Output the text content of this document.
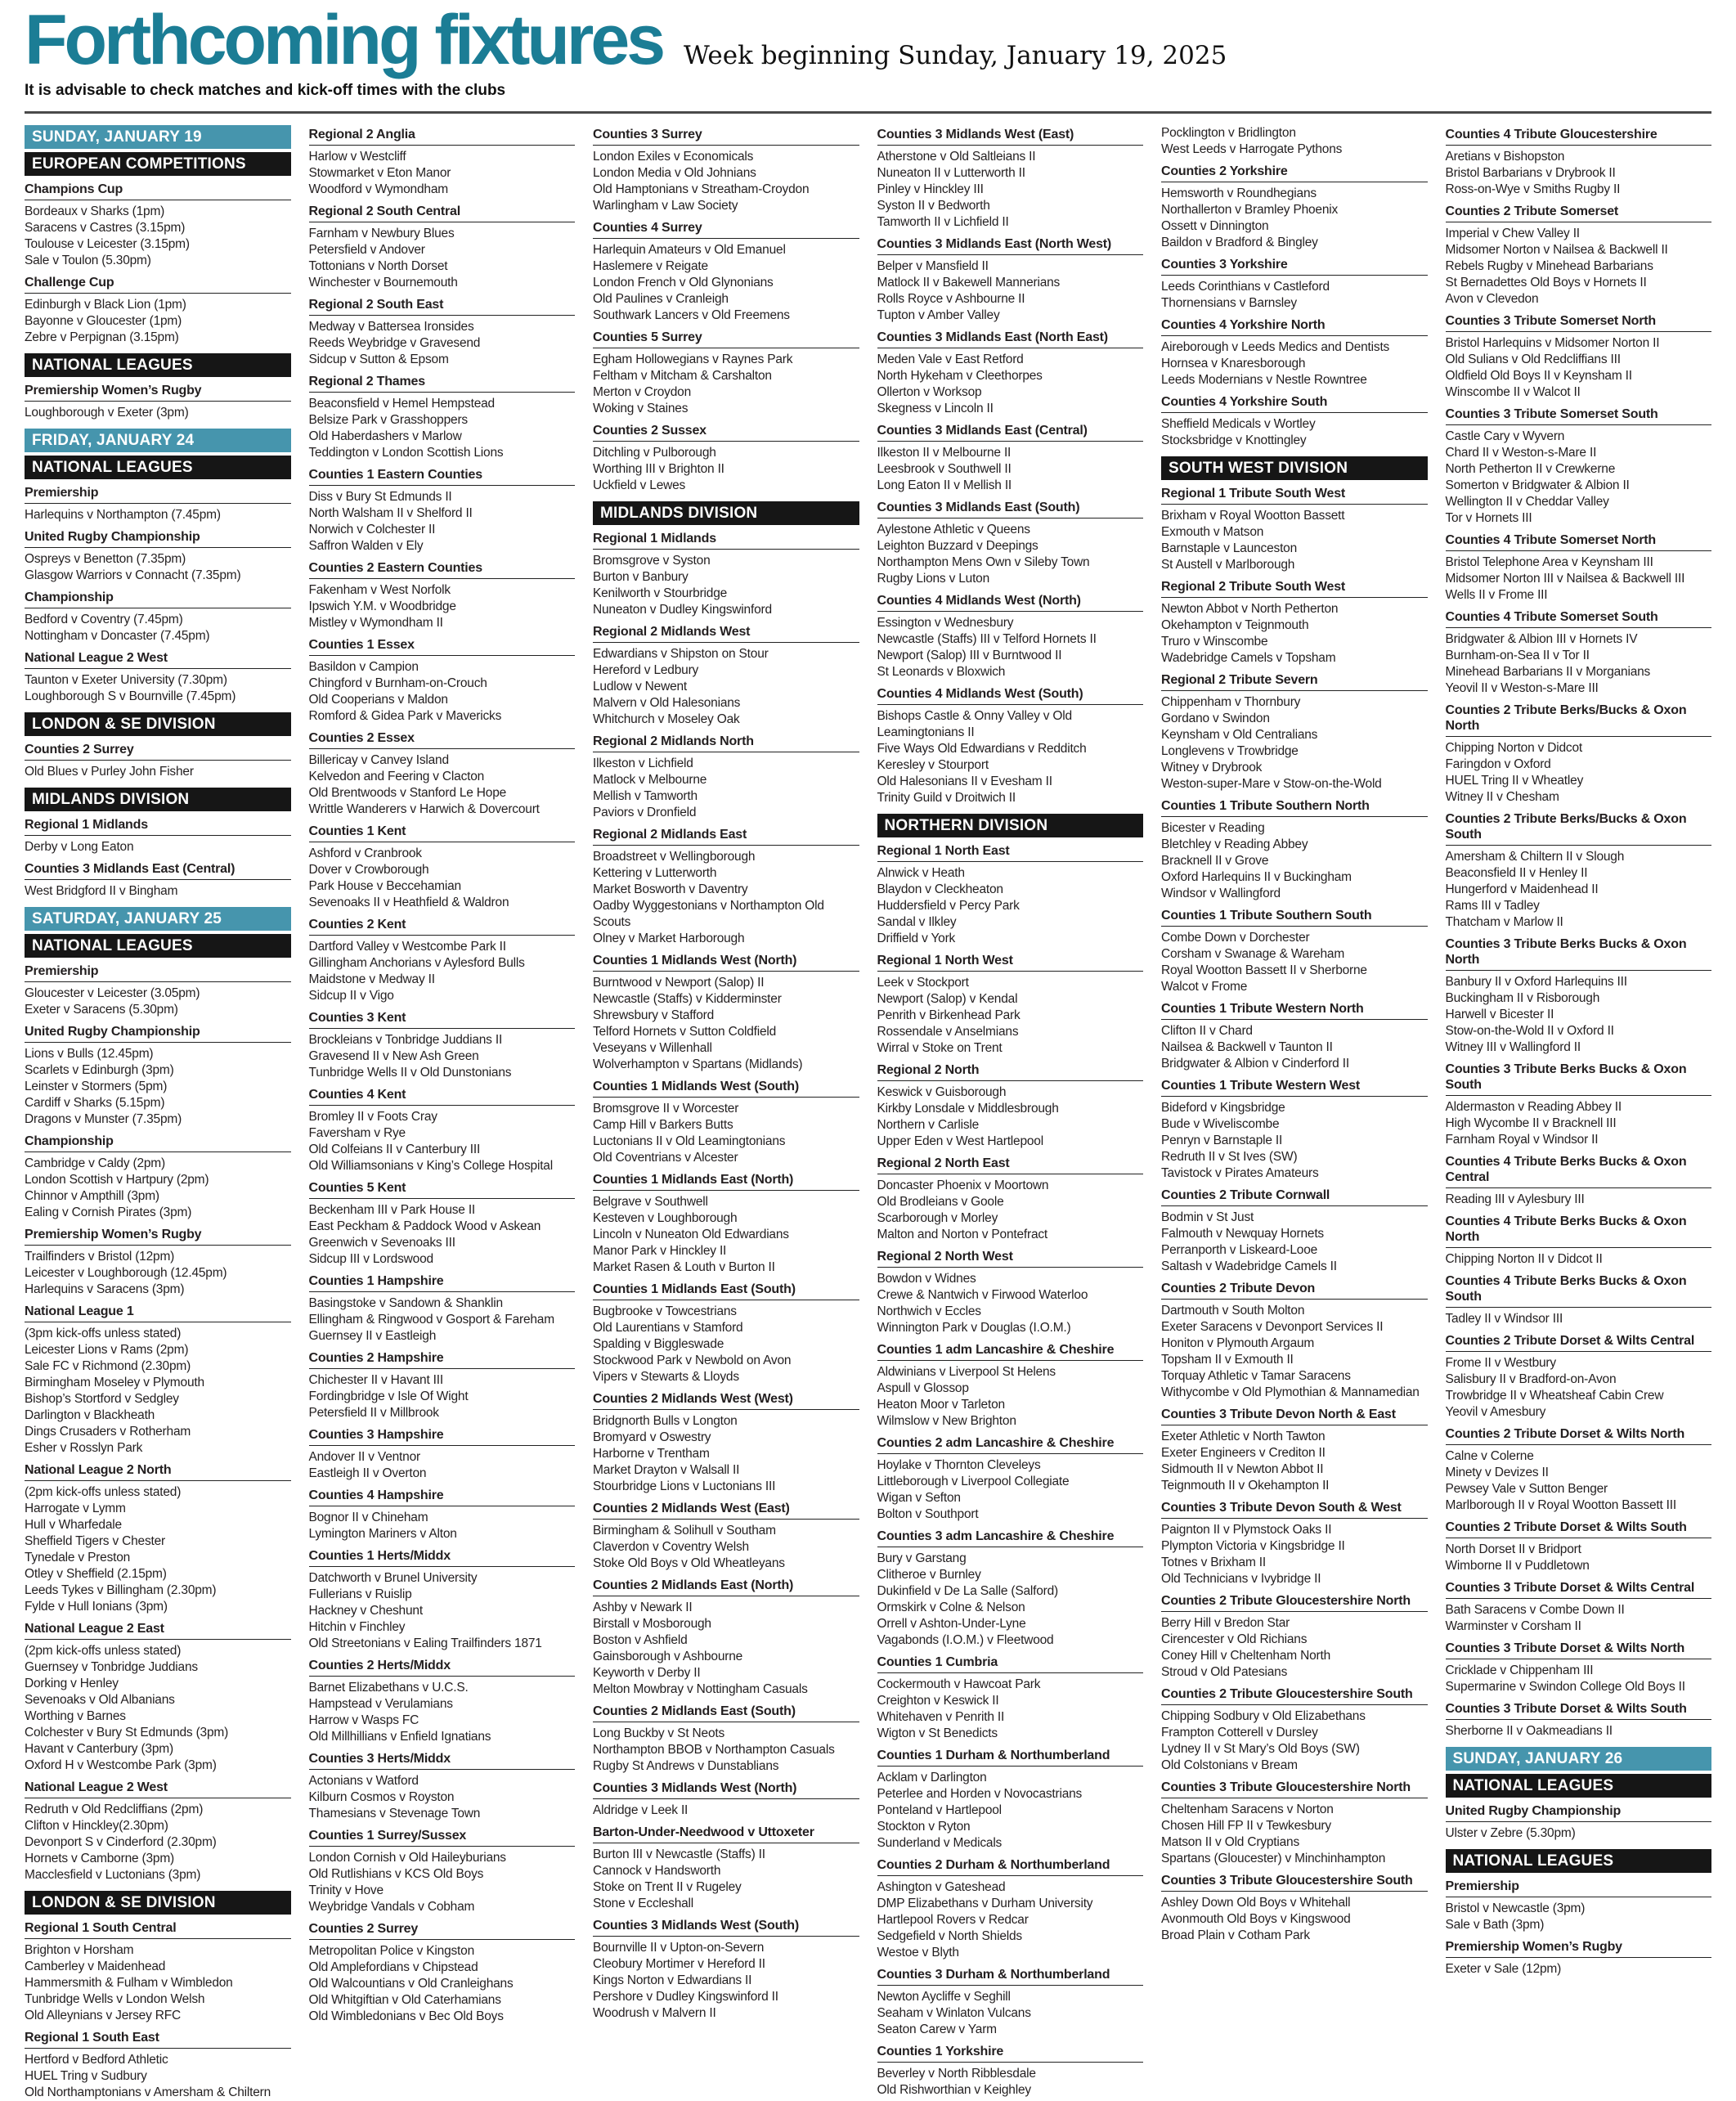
Forthcoming fixtures Week beginning Sunday, January 19, 2025
It is advisable to check matches and kick-off times with the clubs
SUNDAY, JANUARY 19
EUROPEAN COMPETITIONS
Champions Cup
Bordeaux v Sharks (1pm)
Saracens v Castres (3.15pm)
Toulouse v Leicester (3.15pm)
Sale v Toulon (5.30pm)
Challenge Cup
Edinburgh v Black Lion (1pm)
Bayonne v Gloucester (1pm)
Zebre v Perpignan (3.15pm)
NATIONAL LEAGUES
Premiership Women’s Rugby
Loughborough v Exeter (3pm)
FRIDAY, JANUARY 24
NATIONAL LEAGUES
Premiership
Harlequins v Northampton (7.45pm)
United Rugby Championship
Ospreys v Benetton (7.35pm)
Glasgow Warriors v Connacht (7.35pm)
Championship
Bedford v Coventry (7.45pm)
Nottingham v Doncaster (7.45pm)
National League 2 West
Taunton v Exeter University (7.30pm)
Loughborough S v Bournville (7.45pm)
LONDON & SE DIVISION
Counties 2 Surrey
Old Blues v Purley John Fisher
MIDLANDS DIVISION
Regional 1 Midlands
Derby v Long Eaton
Counties 3 Midlands East (Central)
West Bridgford II v Bingham
SATURDAY, JANUARY 25
NATIONAL LEAGUES
Premiership
Gloucester v Leicester (3.05pm)
Exeter v Saracens (5.30pm)
United Rugby Championship
Lions v Bulls (12.45pm)
Scarlets v Edinburgh (3pm)
Leinster v Stormers (5pm)
Cardiff v Sharks (5.15pm)
Dragons v Munster (7.35pm)
Championship
Cambridge v Caldy (2pm)
London Scottish v Hartpury (2pm)
Chinnor v Ampthill (3pm)
Ealing v Cornish Pirates (3pm)
Premiership Women’s Rugby
Trailfinders v Bristol (12pm)
Leicester v Loughborough (12.45pm)
Harlequins v Saracens (3pm)
National League 1
(3pm kick-offs unless stated)
Leicester Lions v Rams (2pm)
Sale FC v Richmond (2.30pm)
Birmingham Moseley v Plymouth
Bishop’s Stortford v Sedgley
Darlington v Blackheath
Dings Crusaders v Rotherham
Esher v Rosslyn Park
National League 2 North
(2pm kick-offs unless stated)
Harrogate v Lymm
Hull v Wharfedale
Sheffield Tigers v Chester
Tynedale v Preston
Otley v Sheffield (2.15pm)
Leeds Tykes v Billingham (2.30pm)
Fylde v Hull Ionians (3pm)
National League 2 East
(2pm kick-offs unless stated)
Guernsey v Tonbridge Juddians
Dorking v Henley
Sevenoaks v Old Albanians
Worthing v Barnes
Colchester v Bury St Edmunds (3pm)
Havant v Canterbury (3pm)
Oxford H v Westcombe Park (3pm)
National League 2 West
Redruth v Old Redcliffians (2pm)
Clifton v Hinckley(2.30pm)
Devonport S v Cinderford (2.30pm)
Hornets v Camborne (3pm)
Macclesfield v Luctonians (3pm)
LONDON & SE DIVISION
Regional 1 South Central
Brighton v Horsham
Camberley v Maidenhead
Hammersmith & Fulham v Wimbledon
Tunbridge Wells v London Welsh
Old Alleynians v Jersey RFC
Regional 1 South East
Hertford v Bedford Athletic
HUEL Tring v Sudbury
Old Northamptonians v Amersham & Chiltern
Regional 2 Anglia
Harlow v Westcliff
Stowmarket v Eton Manor
Woodford v Wymondham
Regional 2 South Central
Farnham v Newbury Blues
Petersfield v Andover
Tottonians v North Dorset
Winchester v Bournemouth
Regional 2 South East
Medway v Battersea Ironsides
Reeds Weybridge v Gravesend
Sidcup v Sutton & Epsom
Regional 2 Thames
Beaconsfield v Hemel Hempstead
Belsize Park v Grasshoppers
Old Haberdashers v Marlow
Teddington v London Scottish Lions
Counties 1 Eastern Counties
Diss v Bury St Edmunds II
North Walsham II v Shelford II
Norwich v Colchester II
Saffron Walden v Ely
Counties 2 Eastern Counties
Fakenham v West Norfolk
Ipswich Y.M. v Woodbridge
Mistley v Wymondham II
Counties 1 Essex
Basildon v Campion
Chingford v Burnham-on-Crouch
Old Cooperians v Maldon
Romford & Gidea Park v Mavericks
Counties 2 Essex
Billericay v Canvey Island
Kelvedon and Feering v Clacton
Old Brentwoods v Stanford Le Hope
Writtle Wanderers v Harwich & Dovercourt
Counties 1 Kent
Ashford v Cranbrook
Dover v Crowborough
Park House v Beccehamian
Sevenoaks II v Heathfield & Waldron
Counties 2 Kent
Dartford Valley v Westcombe Park II
Gillingham Anchorians v Aylesford Bulls
Maidstone v Medway II
Sidcup II v Vigo
Counties 3 Kent
Brockleians v Tonbridge Juddians II
Gravesend II v New Ash Green
Tunbridge Wells II v Old Dunstonians
Counties 4 Kent
Bromley II v Foots Cray
Faversham v Rye
Old Colfeians II v Canterbury III
Old Williamsonians v King’s College Hospital
Counties 5 Kent
Beckenham III v Park House II
East Peckham & Paddock Wood v Askean
Greenwich v Sevenoaks III
Sidcup III v Lordswood
Counties 1 Hampshire
Basingstoke v Sandown & Shanklin
Ellingham & Ringwood v Gosport & Fareham
Guernsey II v Eastleigh
Counties 2 Hampshire
Chichester II v Havant III
Fordingbridge v Isle Of Wight
Petersfield II v Millbrook
Counties 3 Hampshire
Andover II v Ventnor
Eastleigh II v Overton
Counties 4 Hampshire
Bognor II v Chineham
Lymington Mariners v Alton
Counties 1 Herts/Middx
Datchworth v Brunel University
Fullerians v Ruislip
Hackney v Cheshunt
Hitchin v Finchley
Old Streetonians v Ealing Trailfinders 1871
Counties 2 Herts/Middx
Barnet Elizabethans v U.C.S.
Hampstead v Verulamians
Harrow v Wasps FC
Old Millhillians v Enfield Ignatians
Counties 3 Herts/Middx
Actonians v Watford
Kilburn Cosmos v Royston
Thamesians v Stevenage Town
Counties 1 Surrey/Sussex
London Cornish v Old Haileyburians
Old Rutlishians v KCS Old Boys
Trinity v Hove
Weybridge Vandals v Cobham
Counties 2 Surrey
Metropolitan Police v Kingston
Old Amplefordians v Chipstead
Old Walcountians v Old Cranleighans
Old Whitgiftian v Old Caterhamians
Old Wimbledonians v Bec Old Boys
Counties 3 Surrey
London Exiles v Economicals
London Media v Old Johnians
Old Hamptonians v Streatham-Croydon
Warlingham v Law Society
Counties 4 Surrey
Harlequin Amateurs v Old Emanuel
Haslemere v Reigate
London French v Old Glynonians
Old Paulines v Cranleigh
Southwark Lancers v Old Freemens
Counties 5 Surrey
Egham Hollowegians v Raynes Park
Feltham v Mitcham & Carshalton
Merton v Croydon
Woking v Staines
Counties 2 Sussex
Ditchling v Pulborough
Worthing III v Brighton II
Uckfield v Lewes
MIDLANDS DIVISION
Regional 1 Midlands
Bromsgrove v Syston
Burton v Banbury
Kenilworth v Stourbridge
Nuneaton v Dudley Kingswinford
Regional 2 Midlands West
Edwardians v Shipston on Stour
Hereford v Ledbury
Ludlow v Newent
Malvern v Old Halesonians
Whitchurch v Moseley Oak
Regional 2 Midlands North
Ilkeston v Lichfield
Matlock v Melbourne
Mellish v Tamworth
Paviors v Dronfield
Regional 2 Midlands East
Broadstreet v Wellingborough
Kettering v Lutterworth
Market Bosworth v Daventry
Oadby Wyggestonians v Northampton Old Scouts
Olney v Market Harborough
Counties 1 Midlands West (North)
Burntwood v Newport (Salop) II
Newcastle (Staffs) v Kidderminster
Shrewsbury v Stafford
Telford Hornets v Sutton Coldfield
Veseyans v Willenhall
Wolverhampton v Spartans (Midlands)
Counties 1 Midlands West (South)
Bromsgrove II v Worcester
Camp Hill v Barkers Butts
Luctonians II v Old Leamingtonians
Old Coventrians v Alcester
Counties 1 Midlands East (North)
Belgrave v Southwell
Kesteven v Loughborough
Lincoln v Nuneaton Old Edwardians
Manor Park v Hinckley II
Market Rasen & Louth v Burton II
Counties 1 Midlands East (South)
Bugbrooke v Towcestrians
Old Laurentians v Stamford
Spalding v Biggleswade
Stockwood Park v Newbold on Avon
Vipers v Stewarts & Lloyds
Counties 2 Midlands West (West)
Bridgnorth Bulls v Longton
Bromyard v Oswestry
Harborne v Trentham
Market Drayton v Walsall II
Stourbridge Lions v Luctonians III
Counties 2 Midlands West (East)
Birmingham & Solihull v Southam
Claverdon v Coventry Welsh
Stoke Old Boys v Old Wheatleyans
Counties 2 Midlands East (North)
Ashby v Newark II
Birstall v Mosborough
Boston v Ashfield
Gainsborough v Ashbourne
Keyworth v Derby II
Melton Mowbray v Nottingham Casuals
Counties 2 Midlands East (South)
Long Buckby v St Neots
Northampton BBOB v Northampton Casuals
Rugby St Andrews v Dunstablians
Counties 3 Midlands West (North)
Aldridge v Leek II
Barton-Under-Needwood v Uttoxeter
Burton III v Newcastle (Staffs) II
Cannock v Handsworth
Stoke on Trent II v Rugeley
Stone v Eccleshall
Counties 3 Midlands West (South)
Bournville II v Upton-on-Severn
Cleobury Mortimer v Hereford II
Kings Norton v Edwardians II
Pershore v Dudley Kingswinford II
Woodrush v Malvern II
Counties 3 Midlands West (East)
Atherstone v Old Saltleians II
Nuneaton II v Lutterworth II
Pinley v Hinckley III
Syston II v Bedworth
Tamworth II v Lichfield II
Counties 3 Midlands East (North West)
Belper v Mansfield II
Matlock II v Bakewell Mannerians
Rolls Royce v Ashbourne II
Tupton v Amber Valley
Counties 3 Midlands East (North East)
Meden Vale v East Retford
North Hykeham v Cleethorpes
Ollerton v Worksop
Skegness v Lincoln II
Counties 3 Midlands East (Central)
Ilkeston II v Melbourne II
Leesbrook v Southwell II
Long Eaton II v Mellish II
Counties 3 Midlands East (South)
Aylestone Athletic v Queens
Leighton Buzzard v Deepings
Northampton Mens Own v Sileby Town
Rugby Lions v Luton
Counties 4 Midlands West (North)
Essington v Wednesbury
Newcastle (Staffs) III v Telford Hornets II
Newport (Salop) III v Burntwood II
St Leonards v Bloxwich
Counties 4 Midlands West (South)
Bishops Castle & Onny Valley v Old Leamingtonians II
Five Ways Old Edwardians v Redditch
Keresley v Stourport
Old Halesonians II v Evesham II
Trinity Guild v Droitwich II
NORTHERN DIVISION
Regional 1 North East
Alnwick v Heath
Blaydon v Cleckheaton
Huddersfield v Percy Park
Sandal v Ilkley
Driffield v York
Regional 1 North West
Leek v Stockport
Newport (Salop) v Kendal
Penrith v Birkenhead Park
Rossendale v Anselmians
Wirral v Stoke on Trent
Regional 2 North
Keswick v Guisborough
Kirkby Lonsdale v Middlesbrough
Northern v Carlisle
Upper Eden v West Hartlepool
Regional 2 North East
Doncaster Phoenix v Moortown
Old Brodleians v Goole
Scarborough v Morley
Malton and Norton v Pontefract
Regional 2 North West
Bowdon v Widnes
Crewe & Nantwich v Firwood Waterloo
Northwich v Eccles
Winnington Park v Douglas (I.O.M.)
Counties 1 adm Lancashire & Cheshire
Aldwinians v Liverpool St Helens
Aspull v Glossop
Heaton Moor v Tarleton
Wilmslow v New Brighton
Counties 2 adm Lancashire & Cheshire
Hoylake v Thornton Cleveleys
Littleborough v Liverpool Collegiate
Wigan v Sefton
Bolton v Southport
Counties 3 adm Lancashire & Cheshire
Bury v Garstang
Clitheroe v Burnley
Dukinfield v De La Salle (Salford)
Ormskirk v Colne & Nelson
Orrell v Ashton-Under-Lyne
Vagabonds (I.O.M.) v Fleetwood
Counties 1 Cumbria
Cockermouth v Hawcoat Park
Creighton v Keswick II
Whitehaven v Penrith II
Wigton v St Benedicts
Counties 1 Durham & Northumberland
Acklam v Darlington
Peterlee and Horden v Novocastrians
Ponteland v Hartlepool
Stockton v Ryton
Sunderland v Medicals
Counties 2 Durham & Northumberland
Ashington v Gateshead
DMP Elizabethans v Durham University
Hartlepool Rovers v Redcar
Sedgefield v North Shields
Westoe v Blyth
Counties 3 Durham & Northumberland
Newton Aycliffe v Seghill
Seaham v Winlaton Vulcans
Seaton Carew v Yarm
Counties 1 Yorkshire
Beverley v North Ribblesdale
Old Rishworthian v Keighley
Pocklington v Bridlington
West Leeds v Harrogate Pythons
Counties 2 Yorkshire
Hemsworth v Roundhegians
Northallerton v Bramley Phoenix
Ossett v Dinnington
Baildon v Bradford & Bingley
Counties 3 Yorkshire
Leeds Corinthians v Castleford
Thornensians v Barnsley
Counties 4 Yorkshire North
Aireborough v Leeds Medics and Dentists
Hornsea v Knaresborough
Leeds Modernians v Nestle Rowntree
Counties 4 Yorkshire South
Sheffield Medicals v Wortley
Stocksbridge v Knottingley
SOUTH WEST DIVISION
Regional 1 Tribute South West
Brixham v Royal Wootton Bassett
Exmouth v Matson
Barnstaple v Launceston
St Austell v Marlborough
Regional 2 Tribute South West
Newton Abbot v North Petherton
Okehampton v Teignmouth
Truro v Winscombe
Wadebridge Camels v Topsham
Regional 2 Tribute Severn
Chippenham v Thornbury
Gordano v Swindon
Keynsham v Old Centralians
Longlevens v Trowbridge
Witney v Drybrook
Weston-super-Mare v Stow-on-the-Wold
Counties 1 Tribute Southern North
Bicester v Reading
Bletchley v Reading Abbey
Bracknell II v Grove
Oxford Harlequins II v Buckingham
Windsor v Wallingford
Counties 1 Tribute Southern South
Combe Down v Dorchester
Corsham v Swanage & Wareham
Royal Wootton Bassett II v Sherborne
Walcot v Frome
Counties 1 Tribute Western North
Clifton II v Chard
Nailsea & Backwell v Taunton II
Bridgwater & Albion v Cinderford II
Counties 1 Tribute Western West
Bideford v Kingsbridge
Bude v Wiveliscombe
Penryn v Barnstaple II
Redruth II v St Ives (SW)
Tavistock v Pirates Amateurs
Counties 2 Tribute Cornwall
Bodmin v St Just
Falmouth v Newquay Hornets
Perranporth v Liskeard-Looe
Saltash v Wadebridge Camels II
Counties 2 Tribute Devon
Dartmouth v South Molton
Exeter Saracens v Devonport Services II
Honiton v Plymouth Argaum
Topsham II v Exmouth II
Torquay Athletic v Tamar Saracens
Withycombe v Old Plymothian & Mannamedian
Counties 3 Tribute Devon North & East
Exeter Athletic v North Tawton
Exeter Engineers v Crediton II
Sidmouth II v Newton Abbot II
Teignmouth II v Okehampton II
Counties 3 Tribute Devon South & West
Paignton II v Plymstock Oaks II
Plympton Victoria v Kingsbridge II
Totnes v Brixham II
Old Technicians v Ivybridge II
Counties 2 Tribute Gloucestershire North
Berry Hill v Bredon Star
Cirencester v Old Richians
Coney Hill v Cheltenham North
Stroud v Old Patesians
Counties 2 Tribute Gloucestershire South
Chipping Sodbury v Old Elizabethans
Frampton Cotterell v Dursley
Lydney II v St Mary’s Old Boys (SW)
Old Colstonians v Bream
Counties 3 Tribute Gloucestershire North
Cheltenham Saracens v Norton
Chosen Hill FP II v Tewkesbury
Matson II v Old Cryptians
Spartans (Gloucester) v Minchinhampton
Counties 3 Tribute Gloucestershire South
Ashley Down Old Boys v Whitehall
Avonmouth Old Boys v Kingswood
Broad Plain v Cotham Park
Counties 4 Tribute Gloucestershire
Aretians v Bishopston
Bristol Barbarians v Drybrook II
Ross-on-Wye v Smiths Rugby II
Counties 2 Tribute Somerset
Imperial v Chew Valley II
Midsomer Norton v Nailsea & Backwell II
Rebels Rugby v Minehead Barbarians
St Bernadettes Old Boys v Hornets II
Avon v Clevedon
Counties 3 Tribute Somerset North
Bristol Harlequins v Midsomer Norton II
Old Sulians v Old Redcliffians III
Oldfield Old Boys II v Keynsham II
Winscombe II v Walcot II
Counties 3 Tribute Somerset South
Castle Cary v Wyvern
Chard II v Weston-s-Mare II
North Petherton II v Crewkerne
Somerton v Bridgwater & Albion II
Wellington II v Cheddar Valley
Tor v Hornets III
Counties 4 Tribute Somerset North
Bristol Telephone Area v Keynsham III
Midsomer Norton III v Nailsea & Backwell III
Wells II v Frome III
Counties 4 Tribute Somerset South
Bridgwater & Albion III v Hornets IV
Burnham-on-Sea II v Tor II
Minehead Barbarians II v Morganians
Yeovil II v Weston-s-Mare III
Counties 2 Tribute Berks/Bucks & Oxon North
Chipping Norton v Didcot
Faringdon v Oxford
HUEL Tring II v Wheatley
Witney II v Chesham
Counties 2 Tribute Berks/Bucks & Oxon South
Amersham & Chiltern II v Slough
Beaconsfield II v Henley II
Hungerford v Maidenhead II
Rams III v Tadley
Thatcham v Marlow II
Counties 3 Tribute Berks Bucks & Oxon North
Banbury II v Oxford Harlequins III
Buckingham II v Risborough
Harwell v Bicester II
Stow-on-the-Wold II v Oxford II
Witney III v Wallingford II
Counties 3 Tribute Berks Bucks & Oxon South
Aldermaston v Reading Abbey II
High Wycombe II v Bracknell III
Farnham Royal v Windsor II
Counties 4 Tribute Berks Bucks & Oxon Central
Reading III v Aylesbury III
Counties 4 Tribute Berks Bucks & Oxon North
Chipping Norton II v Didcot II
Counties 4 Tribute Berks Bucks & Oxon South
Tadley II v Windsor III
Counties 2 Tribute Dorset & Wilts Central
Frome II v Westbury
Salisbury II v Bradford-on-Avon
Trowbridge II v Wheatsheaf Cabin Crew
Yeovil v Amesbury
Counties 2 Tribute Dorset & Wilts North
Calne v Colerne
Minety v Devizes II
Pewsey Vale v Sutton Benger
Marlborough II v Royal Wootton Bassett III
Counties 2 Tribute Dorset & Wilts South
North Dorset II v Bridport
Wimborne II v Puddletown
Counties 3 Tribute Dorset & Wilts Central
Bath Saracens v Combe Down II
Warminster v Corsham II
Counties 3 Tribute Dorset & Wilts North
Cricklade v Chippenham III
Supermarine v Swindon College Old Boys II
Counties 3 Tribute Dorset & Wilts South
Sherborne II v Oakmeadians II
SUNDAY, JANUARY 26
NATIONAL LEAGUES
United Rugby Championship
Ulster v Zebre (5.30pm)
NATIONAL LEAGUES
Premiership
Bristol v Newcastle (3pm)
Sale v Bath (3pm)
Premiership Women’s Rugby
Exeter v Sale (12pm)
